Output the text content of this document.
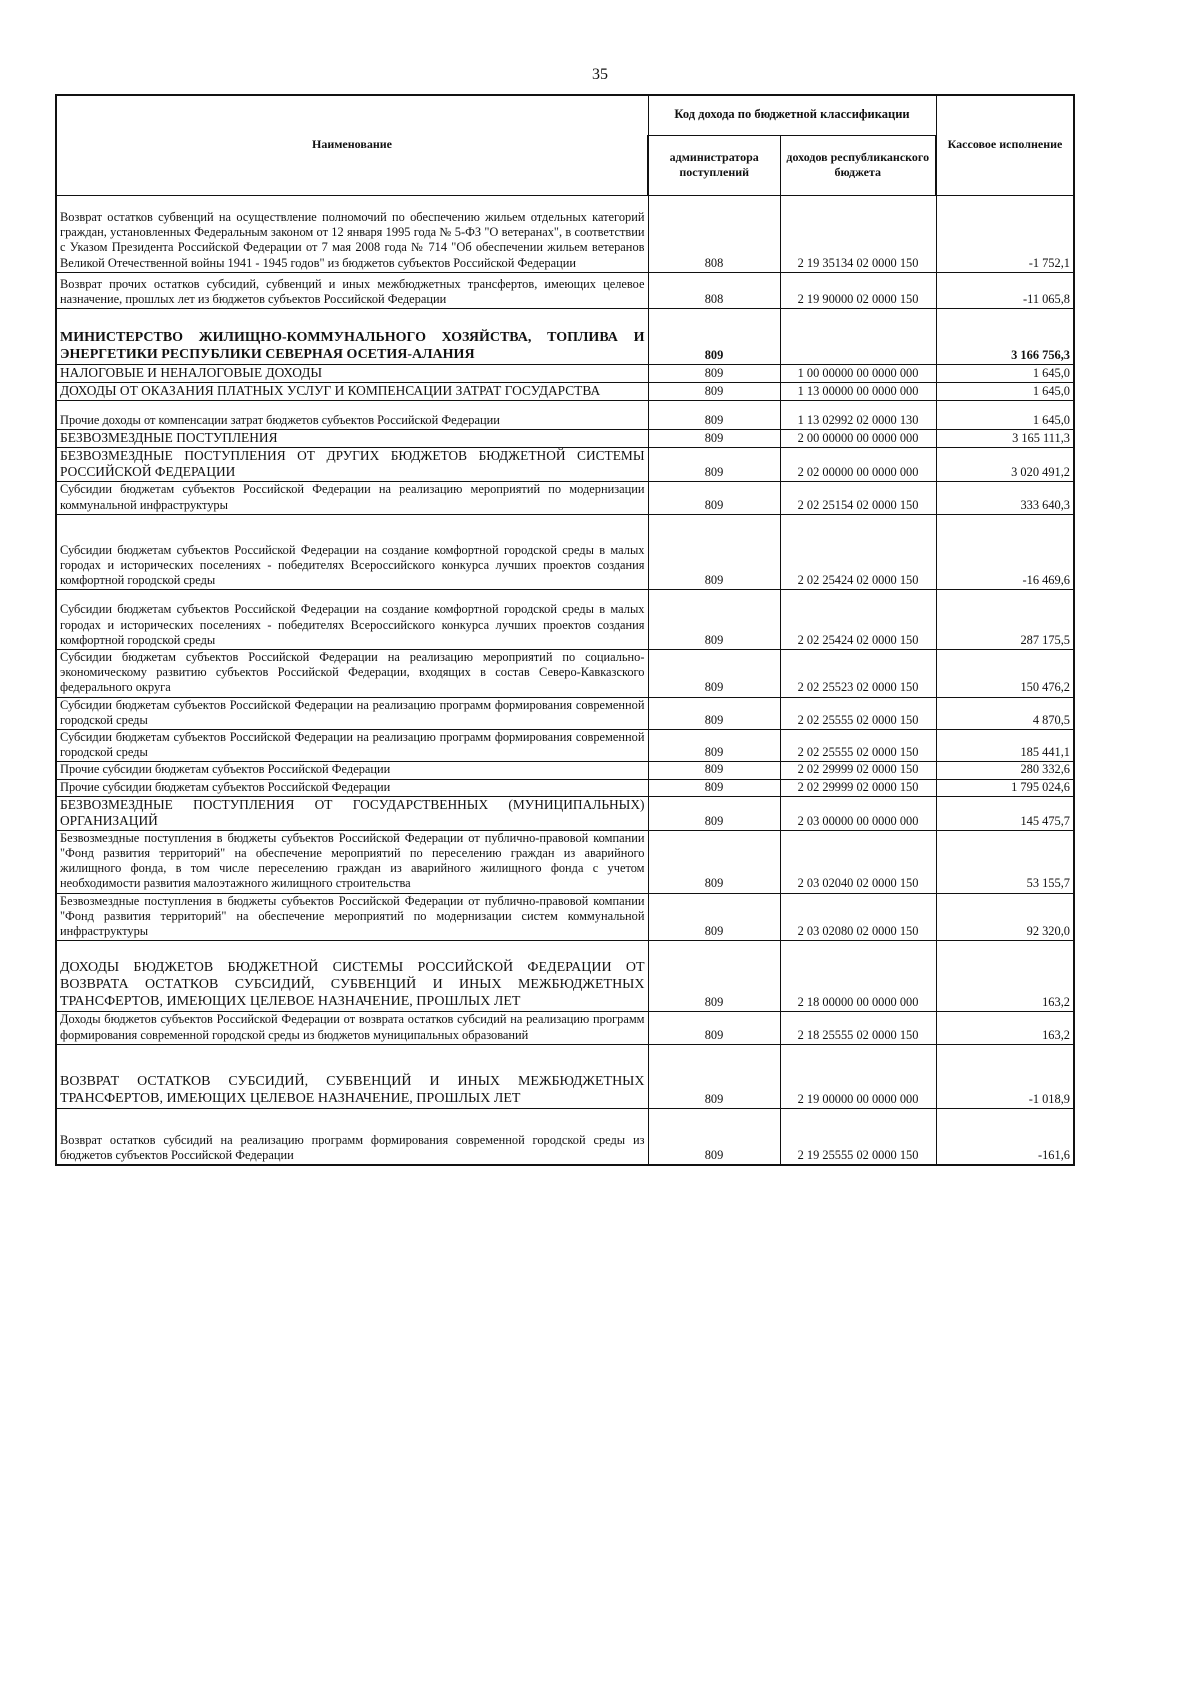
35
Наименование	Код дохода по бюджетной классификации		Кассовое исполнение
	администратора поступлений	доходов республиканского бюджета	
Возврат остатков субвенций на осуществление полномочий по обеспечению жильем отдельных категорий граждан, установленных Федеральным законом от 12 января 1995 года № 5-ФЗ "О ветеранах", в соответствии с Указом Президента Российской Федерации от 7 мая 2008 года № 714 "Об обеспечении жильем ветеранов Великой Отечественной войны 1941 - 1945 годов" из бюджетов субъектов Российской Федерации	808	2 19 35134 02 0000 150	-1 752,1
Возврат прочих остатков субсидий, субвенций и иных межбюджетных трансфертов, имеющих целевое назначение, прошлых лет из бюджетов субъектов Российской Федерации	808	2 19 90000 02 0000 150	-11 065,8
МИНИСТЕРСТВО ЖИЛИЩНО-КОММУНАЛЬНОГО ХОЗЯЙСТВА, ТОПЛИВА И ЭНЕРГЕТИКИ РЕСПУБЛИКИ СЕВЕРНАЯ ОСЕТИЯ-АЛАНИЯ	809		3 166 756,3
НАЛОГОВЫЕ И НЕНАЛОГОВЫЕ ДОХОДЫ	809	1 00 00000 00 0000 000	1 645,0
ДОХОДЫ ОТ ОКАЗАНИЯ ПЛАТНЫХ УСЛУГ И КОМПЕНСАЦИИ ЗАТРАТ ГОСУДАРСТВА	809	1 13 00000 00 0000 000	1 645,0
Прочие доходы от компенсации затрат бюджетов субъектов Российской Федерации	809	1 13 02992 02 0000 130	1 645,0
БЕЗВОЗМЕЗДНЫЕ ПОСТУПЛЕНИЯ	809	2 00 00000 00 0000 000	3 165 111,3
БЕЗВОЗМЕЗДНЫЕ ПОСТУПЛЕНИЯ ОТ ДРУГИХ БЮДЖЕТОВ БЮДЖЕТНОЙ СИСТЕМЫ РОССИЙСКОЙ ФЕДЕРАЦИИ	809	2 02 00000 00 0000 000	3 020 491,2
Субсидии бюджетам субъектов Российской Федерации на реализацию мероприятий по модернизации коммунальной инфраструктуры	809	2 02 25154 02 0000 150	333 640,3
Субсидии бюджетам субъектов Российской Федерации на создание комфортной городской среды в малых городах и исторических поселениях - победителях Всероссийского конкурса лучших проектов создания комфортной городской среды	809	2 02 25424 02 0000 150	-16 469,6
Субсидии бюджетам субъектов Российской Федерации на создание комфортной городской среды в малых городах и исторических поселениях - победителях Всероссийского конкурса лучших проектов создания комфортной городской среды	809	2 02 25424 02 0000 150	287 175,5
Субсидии бюджетам субъектов Российской Федерации на реализацию мероприятий по социально-экономическому развитию субъектов Российской Федерации, входящих в состав Северо-Кавказского федерального округа	809	2 02 25523 02 0000 150	150 476,2
Субсидии бюджетам субъектов Российской Федерации на реализацию программ формирования современной городской среды	809	2 02 25555 02 0000 150	4 870,5
Субсидии бюджетам субъектов Российской Федерации на реализацию программ формирования современной городской среды	809	2 02 25555 02 0000 150	185 441,1
Прочие субсидии бюджетам субъектов Российской Федерации	809	2 02 29999 02 0000 150	280 332,6
Прочие субсидии бюджетам субъектов Российской Федерации	809	2 02 29999 02 0000 150	1 795 024,6
БЕЗВОЗМЕЗДНЫЕ ПОСТУПЛЕНИЯ ОТ ГОСУДАРСТВЕННЫХ (МУНИЦИПАЛЬНЫХ) ОРГАНИЗАЦИЙ	809	2 03 00000 00 0000 000	145 475,7
Безвозмездные поступления в бюджеты субъектов Российской Федерации от публично-правовой компании "Фонд развития территорий" на обеспечение мероприятий по переселению граждан из аварийного жилищного фонда, в том числе переселению граждан из аварийного жилищного фонда с учетом необходимости развития малоэтажного жилищного строительства	809	2 03 02040 02 0000 150	53 155,7
Безвозмездные поступления в бюджеты субъектов Российской Федерации от публично-правовой компании "Фонд развития территорий" на обеспечение мероприятий по модернизации систем коммунальной инфраструктуры	809	2 03 02080 02 0000 150	92 320,0
ДОХОДЫ БЮДЖЕТОВ БЮДЖЕТНОЙ СИСТЕМЫ РОССИЙСКОЙ ФЕДЕРАЦИИ ОТ ВОЗВРАТА ОСТАТКОВ СУБСИДИЙ, СУБВЕНЦИЙ И ИНЫХ МЕЖБЮДЖЕТНЫХ ТРАНСФЕРТОВ, ИМЕЮЩИХ ЦЕЛЕВОЕ НАЗНАЧЕНИЕ, ПРОШЛЫХ ЛЕТ	809	2 18 00000 00 0000 000	163,2
Доходы бюджетов субъектов Российской Федерации от возврата остатков субсидий на реализацию программ формирования современной городской среды из бюджетов муниципальных образований	809	2 18 25555 02 0000 150	163,2
ВОЗВРАТ ОСТАТКОВ СУБСИДИЙ, СУБВЕНЦИЙ И ИНЫХ МЕЖБЮДЖЕТНЫХ ТРАНСФЕРТОВ, ИМЕЮЩИХ ЦЕЛЕВОЕ НАЗНАЧЕНИЕ, ПРОШЛЫХ ЛЕТ	809	2 19 00000 00 0000 000	-1 018,9
Возврат остатков субсидий на реализацию программ формирования современной городской среды из бюджетов субъектов Российской Федерации	809	2 19 25555 02 0000 150	-161,6
